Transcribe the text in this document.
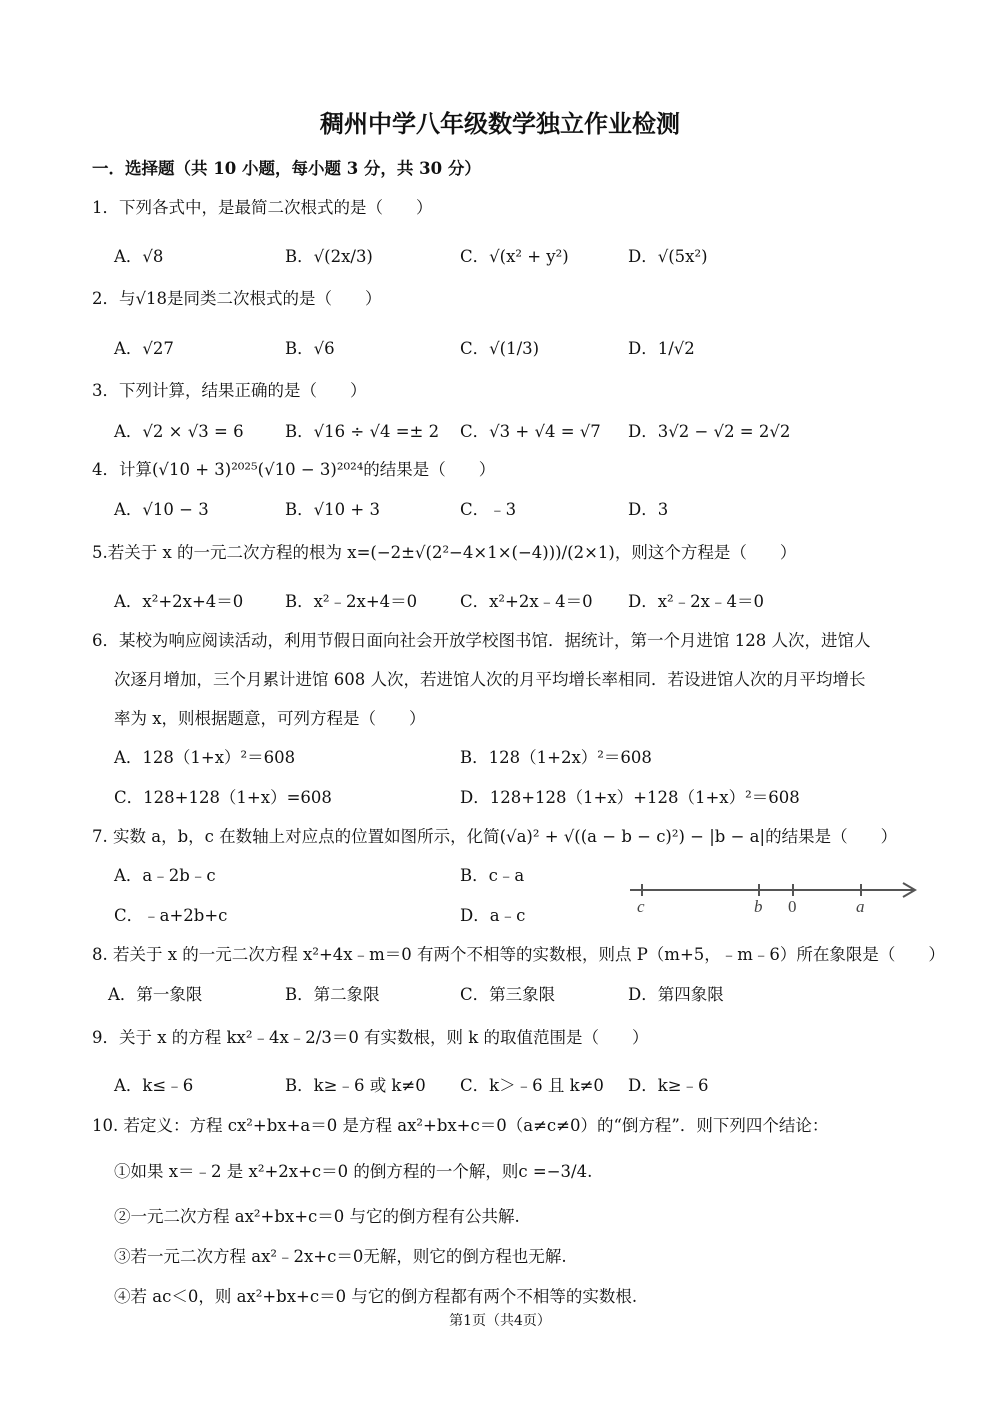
稠州中学八年级数学独立作业检测
一．选择题（共 10 小题，每小题 3 分，共 30 分）
1．下列各式中，是最简二次根式的是（　　）
A．√8	B．√(2x/3)	C．√(x² + y²)	D．√(5x²)
2．与√18是同类二次根式的是（　　）
A．√27	B．√6	C．√(1/3)	D．1/√2
3．下列计算，结果正确的是（　　）
A．√2 × √3 = 6	B．√16 ÷ √4 =± 2 C．√3 + √4 = √7 D．3√2 − √2 = 2√2
4．计算(√10 + 3)²⁰²⁵(√10 − 3)²⁰²⁴的结果是（　　）
A．√10 − 3	B．√10 + 3	C．﹣3	D．3
5.若关于 x 的一元二次方程的根为 x=(−2±√(2²−4×1×(−4)))/(2×1)，则这个方程是（　　）
A．x²+2x+4＝0	B．x²﹣2x+4＝0	C．x²+2x﹣4＝0 D．x²﹣2x﹣4＝0
6．某校为响应阅读活动，利用节假日面向社会开放学校图书馆．据统计，第一个月进馆 128 人次，进馆人
次逐月增加，三个月累计进馆 608 人次，若进馆人次的月平均增长率相同．若设进馆人次的月平均增长
率为 x，则根据题意，可列方程是（　　）
A．128（1+x）²＝608	B．128（1+2x）²＝608
C．128+128（1+x）=608	D．128+128（1+x）+128（1+x）²＝608
7. 实数 a，b，c 在数轴上对应点的位置如图所示，化简(√a)² + √((a − b − c)²) − |b − a|的结果是（　　）
A．a﹣2b﹣c	B．c﹣a
C．﹣a+2b+c	D．a﹣c	c	b 0	a
8. 若关于 x 的一元二次方程 x²+4x﹣m＝0 有两个不相等的实数根，则点 P（m+5，﹣m﹣6）所在象限是（　　）
A．第一象限	B．第二象限	C．第三象限	D．第四象限
9．关于 x 的方程 kx²﹣4x﹣2/3＝0 有实数根，则 k 的取值范围是（　　）
A．k≤﹣6	B．k≥﹣6 或 k≠0 C．k＞﹣6 且 k≠0 D．k≥﹣6
10. 若定义：方程 cx²+bx+a＝0 是方程 ax²+bx+c＝0（a≠c≠0）的“倒方程”．则下列四个结论：
①如果 x＝﹣2 是 x²+2x+c＝0 的倒方程的一个解，则c =−3/4.
②一元二次方程 ax²+bx+c＝0 与它的倒方程有公共解.
③若一元二次方程 ax²﹣2x+c＝0无解，则它的倒方程也无解.
④若 ac＜0，则 ax²+bx+c＝0 与它的倒方程都有两个不相等的实数根.
第1页（共4页）
